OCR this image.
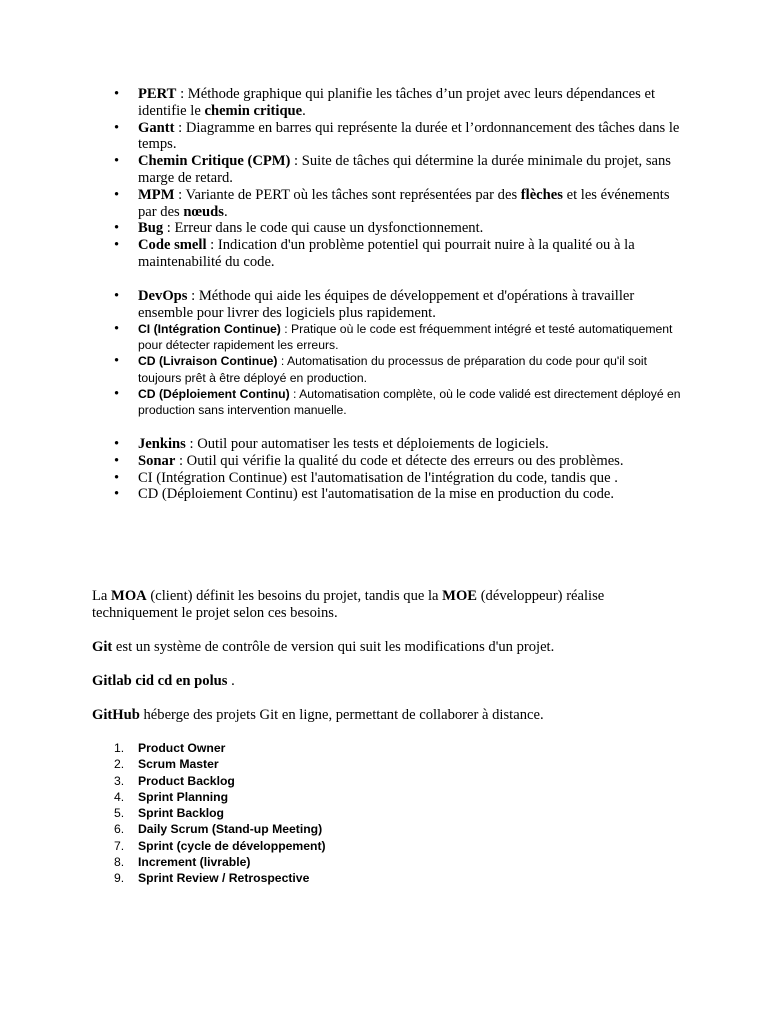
• PERT : Méthode graphique qui planifie les tâches d’un projet avec leurs dépendances et identifie le chemin critique.
• Gantt : Diagramme en barres qui représente la durée et l’ordonnancement des tâches dans le temps.
• Chemin Critique (CPM) : Suite de tâches qui détermine la durée minimale du projet, sans marge de retard.
• MPM : Variante de PERT où les tâches sont représentées par des flèches et les événements par des nœuds.
• Bug : Erreur dans le code qui cause un dysfonctionnement.
• Code smell : Indication d'un problème potentiel qui pourrait nuire à la qualité ou à la maintenabilité du code.
• DevOps : Méthode qui aide les équipes de développement et d'opérations à travailler ensemble pour livrer des logiciels plus rapidement.
• CI (Intégration Continue) : Pratique où le code est fréquemment intégré et testé automatiquement pour détecter rapidement les erreurs.
• CD (Livraison Continue) : Automatisation du processus de préparation du code pour qu'il soit toujours prêt à être déployé en production.
• CD (Déploiement Continu) : Automatisation complète, où le code validé est directement déployé en production sans intervention manuelle.
• Jenkins : Outil pour automatiser les tests et déploiements de logiciels.
• Sonar : Outil qui vérifie la qualité du code et détecte des erreurs ou des problèmes.
• CI (Intégration Continue) est l'automatisation de l'intégration du code, tandis que .
• CD (Déploiement Continu) est l'automatisation de la mise en production du code.

La MOA (client) définit les besoins du projet, tandis que la MOE (développeur) réalise techniquement le projet selon ces besoins.

Git est un système de contrôle de version qui suit les modifications d'un projet.

Gitlab cid cd en polus .

GitHub héberge des projets Git en ligne, permettant de collaborer à distance.

1. Product Owner
2. Scrum Master
3. Product Backlog
4. Sprint Planning
5. Sprint Backlog
6. Daily Scrum (Stand-up Meeting)
7. Sprint (cycle de développement)
8. Increment (livrable)
9. Sprint Review / Retrospective
